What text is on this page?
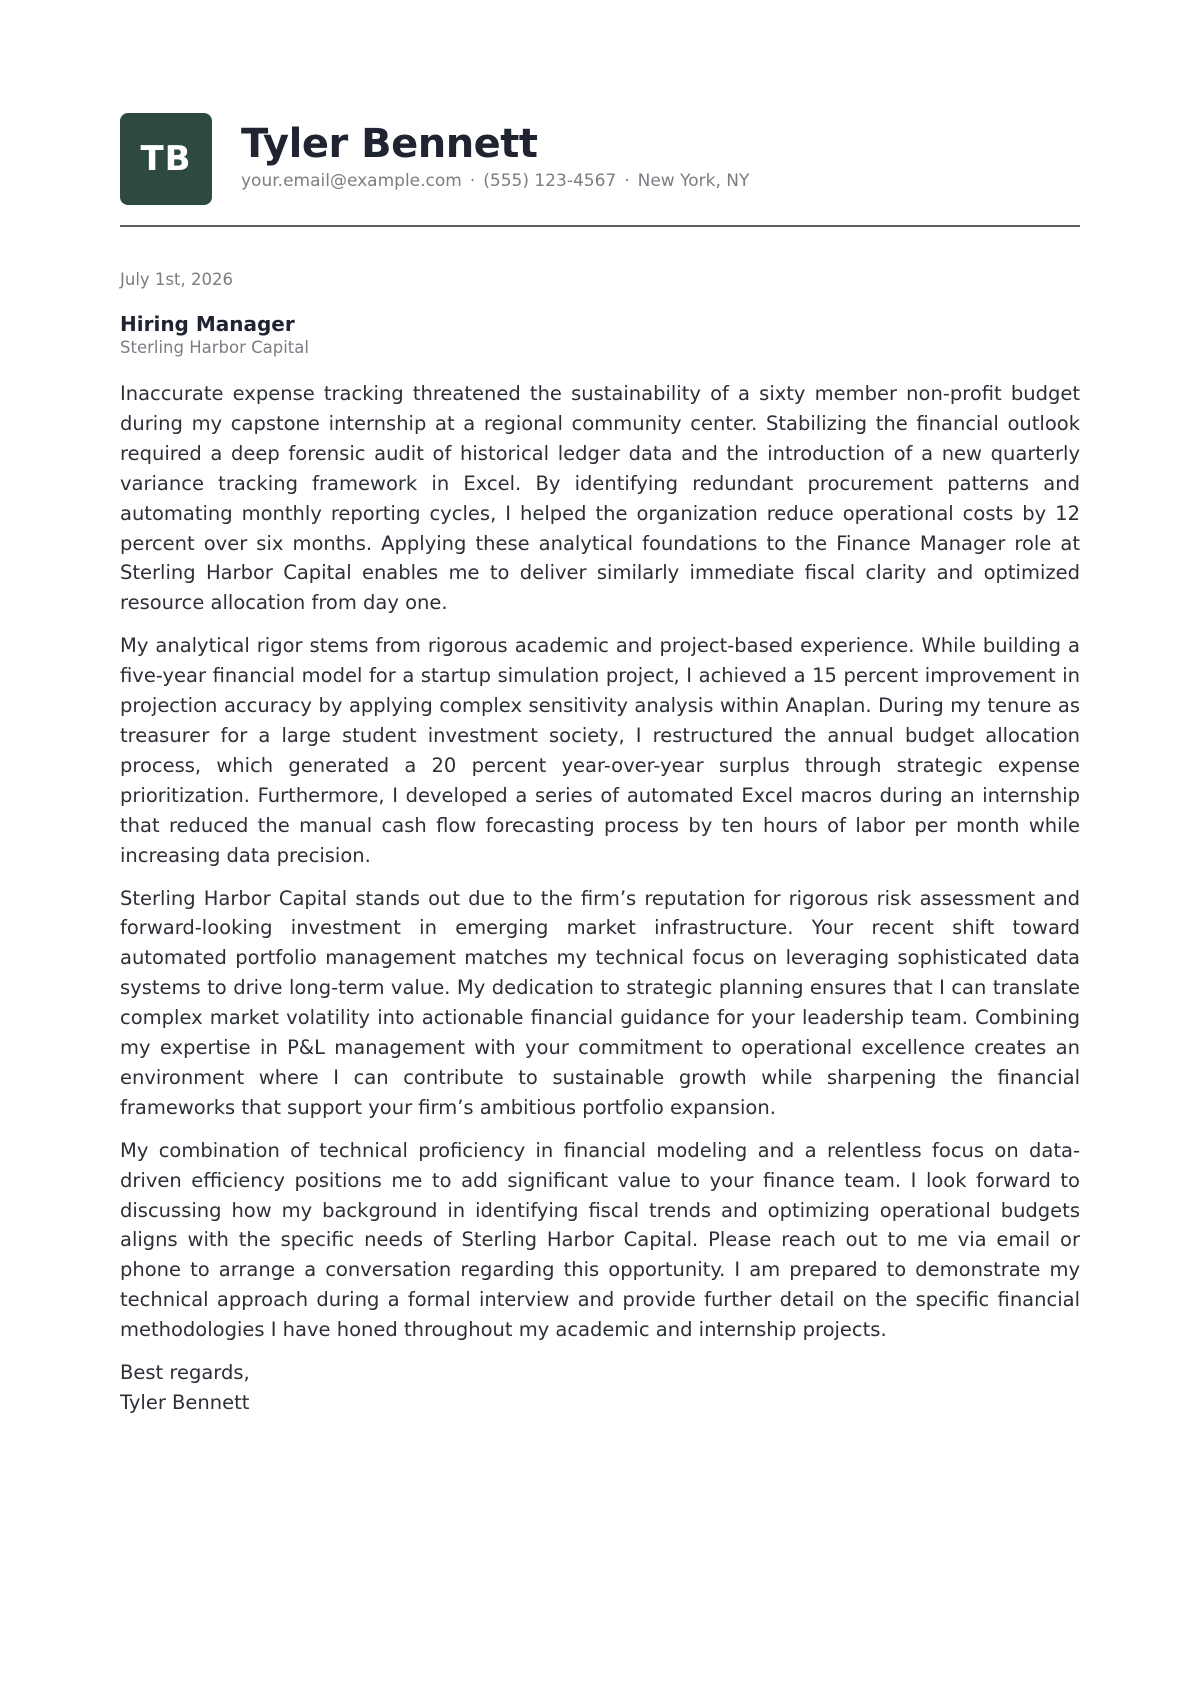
TB	Tyler Bennett
your.email@example.com · (555) 123-4567 · New York, NY
July 1st, 2026
Hiring Manager
Sterling Harbor Capital

Inaccurate expense tracking threatened the sustainability of a sixty member non-profit budget during my capstone internship at a regional community center. Stabilizing the financial outlook required a deep forensic audit of historical ledger data and the introduction of a new quarterly variance tracking framework in Excel. By identifying redundant procurement patterns and automating monthly reporting cycles, I helped the organization reduce operational costs by 12 percent over six months. Applying these analytical foundations to the Finance Manager role at Sterling Harbor Capital enables me to deliver similarly immediate fiscal clarity and optimized resource allocation from day one.

My analytical rigor stems from rigorous academic and project-based experience. While building a five-year financial model for a startup simulation project, I achieved a 15 percent improvement in projection accuracy by applying complex sensitivity analysis within Anaplan. During my tenure as treasurer for a large student investment society, I restructured the annual budget allocation process, which generated a 20 percent year-over-year surplus through strategic expense prioritization. Furthermore, I developed a series of automated Excel macros during an internship that reduced the manual cash flow forecasting process by ten hours of labor per month while increasing data precision.

Sterling Harbor Capital stands out due to the firm’s reputation for rigorous risk assessment and forward-looking investment in emerging market infrastructure. Your recent shift toward automated portfolio management matches my technical focus on leveraging sophisticated data systems to drive long-term value. My dedication to strategic planning ensures that I can translate complex market volatility into actionable financial guidance for your leadership team. Combining my expertise in P&L management with your commitment to operational excellence creates an environment where I can contribute to sustainable growth while sharpening the financial frameworks that support your firm’s ambitious portfolio expansion.

My combination of technical proficiency in financial modeling and a relentless focus on data-driven efficiency positions me to add significant value to your finance team. I look forward to discussing how my background in identifying fiscal trends and optimizing operational budgets aligns with the specific needs of Sterling Harbor Capital. Please reach out to me via email or phone to arrange a conversation regarding this opportunity. I am prepared to demonstrate my technical approach during a formal interview and provide further detail on the specific financial methodologies I have honed throughout my academic and internship projects.

Best regards,
Tyler Bennett
